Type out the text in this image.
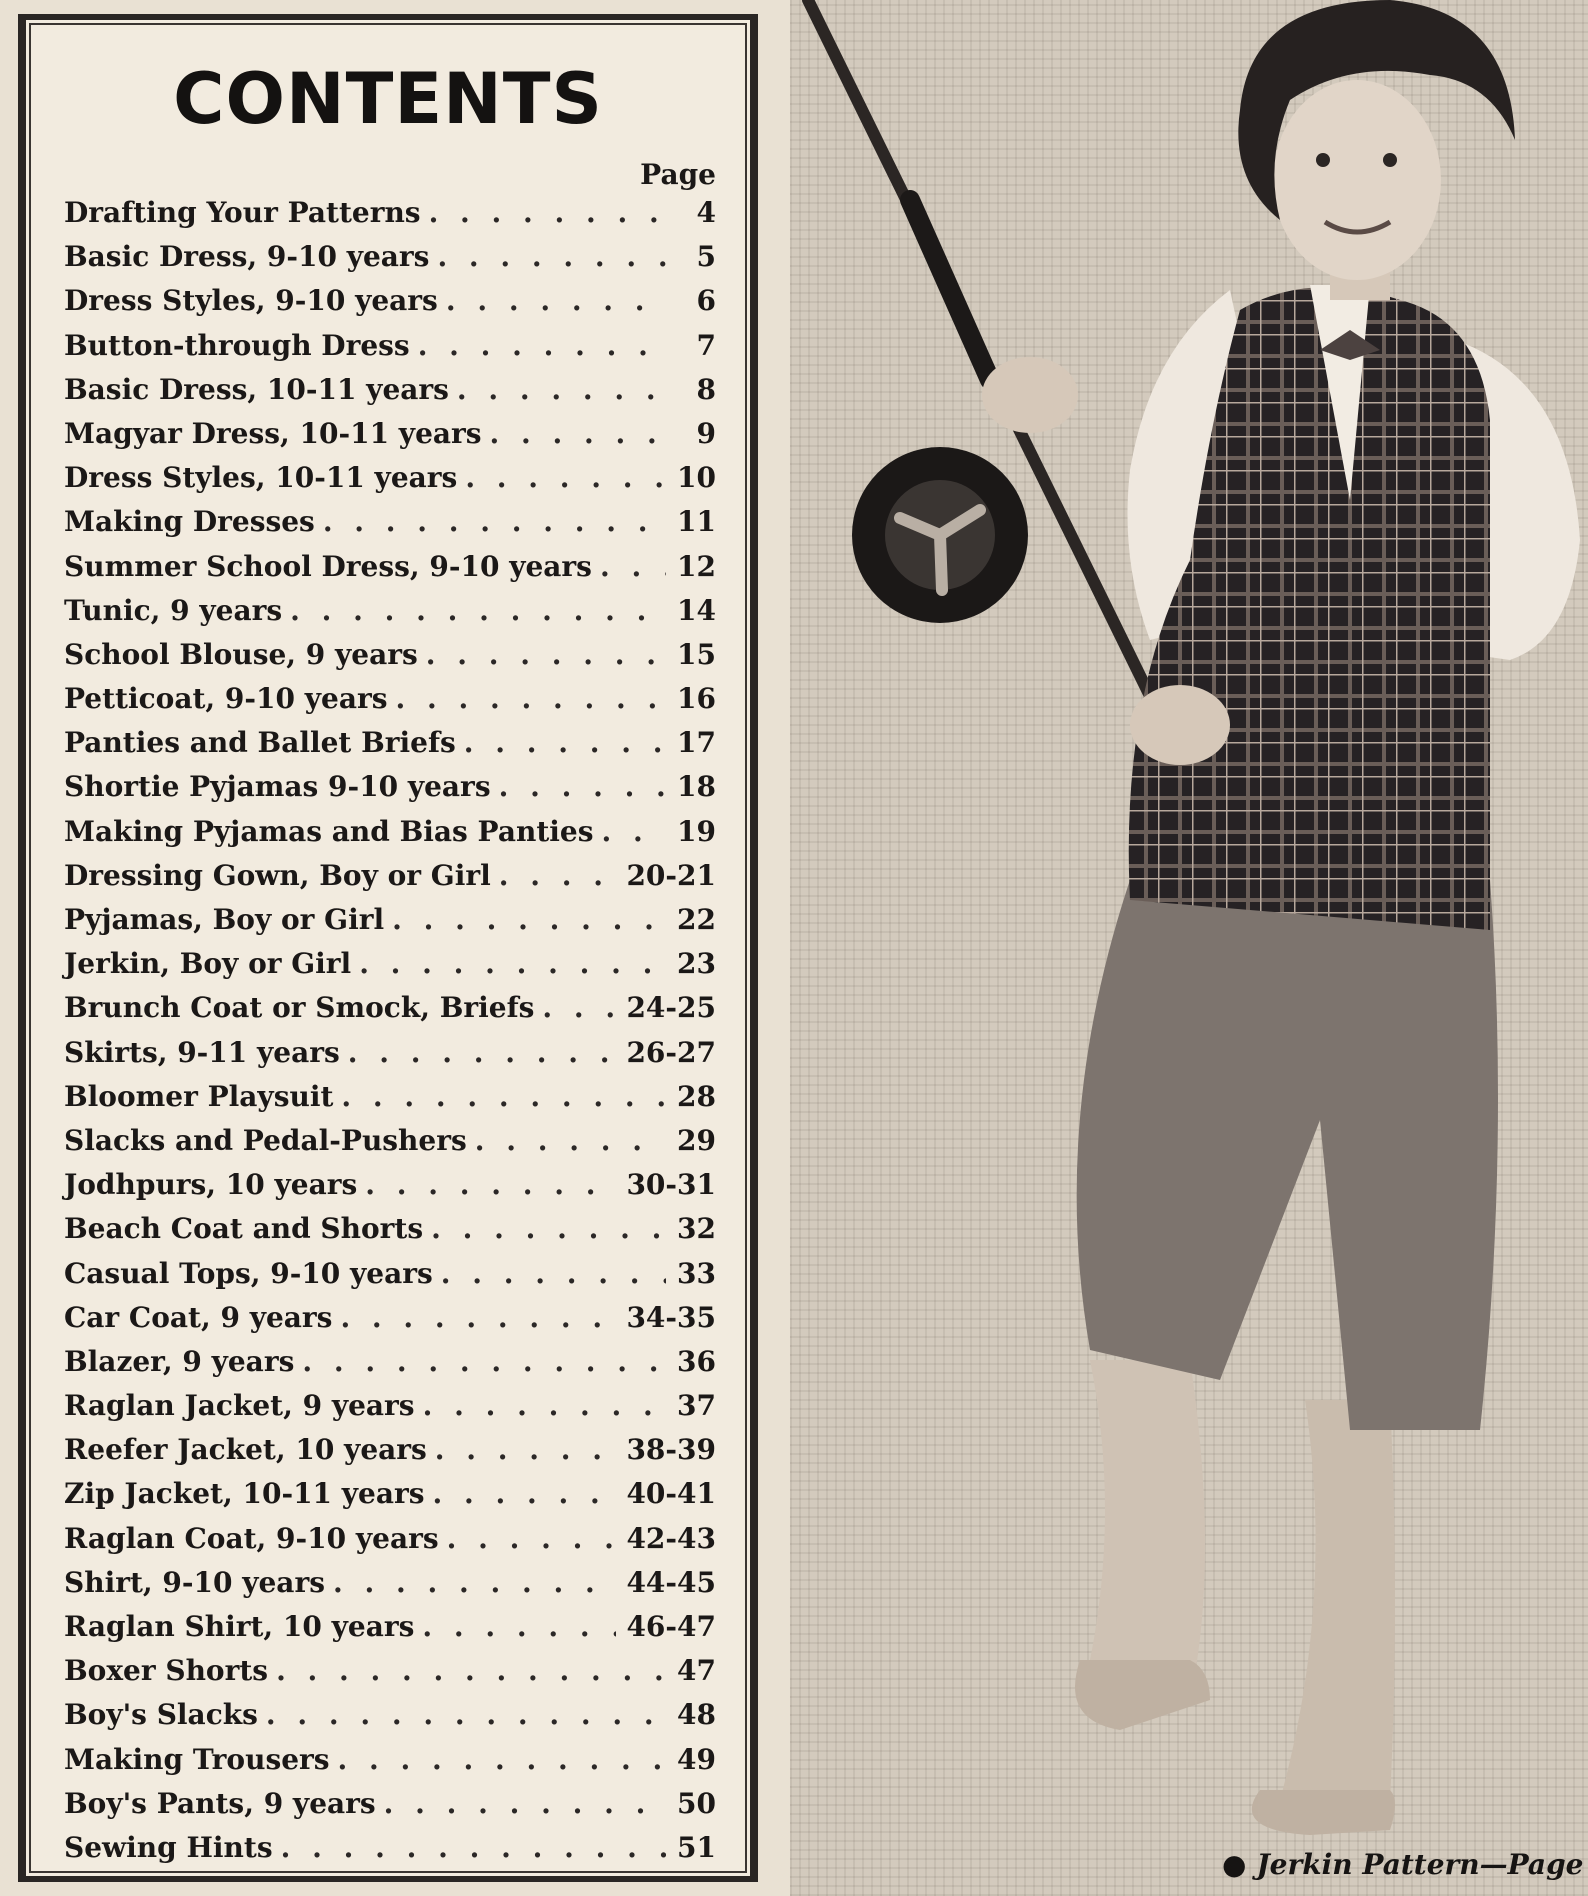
CONTENTS
Page
Drafting Your Patterns . . .	4
Basic Dress, 9-10 years . . .	5
Dress Styles, 9-10 years . . .	6
Button-through Dress . . .	7
Basic Dress, 10-11 years . . .	8
Magyar Dress, 10-11 years . . .	9
Dress Styles, 10-11 years . . .	10
Making Dresses . . .	11
Summer School Dress, 9-10 years . . .	12
Tunic, 9 years . . .	14
School Blouse, 9 years . . .	15
Petticoat, 9-10 years . . .	16
Panties and Ballet Briefs . . .	17
Shortie Pyjamas 9-10 years . . .	18
Making Pyjamas and Bias Panties . . .	19
Dressing Gown, Boy or Girl . . .	20-21
Pyjamas, Boy or Girl . . .	22
Jerkin, Boy or Girl . . .	23
Brunch Coat or Smock, Briefs . . .	24-25
Skirts, 9-11 years . . .	26-27
Bloomer Playsuit . . .	28
Slacks and Pedal-Pushers . . .	29
Jodhpurs, 10 years . . .	30-31
Beach Coat and Shorts . . .	32
Casual Tops, 9-10 years . . .	33
Car Coat, 9 years . . .	34-35
Blazer, 9 years . . .	36
Raglan Jacket, 9 years . . .	37
Reefer Jacket, 10 years . . .	38-39
Zip Jacket, 10-11 years . . .	40-41
Raglan Coat, 9-10 years . . .	42-43
Shirt, 9-10 years . . .	44-45
Raglan Shirt, 10 years . . .	46-47
Boxer Shorts . . .	47
Boy's Slacks . . .	48
Making Trousers . . .	49
Boy's Pants, 9 years . . .	50
Sewing Hints . . .	51
● Jerkin Pattern—Page
